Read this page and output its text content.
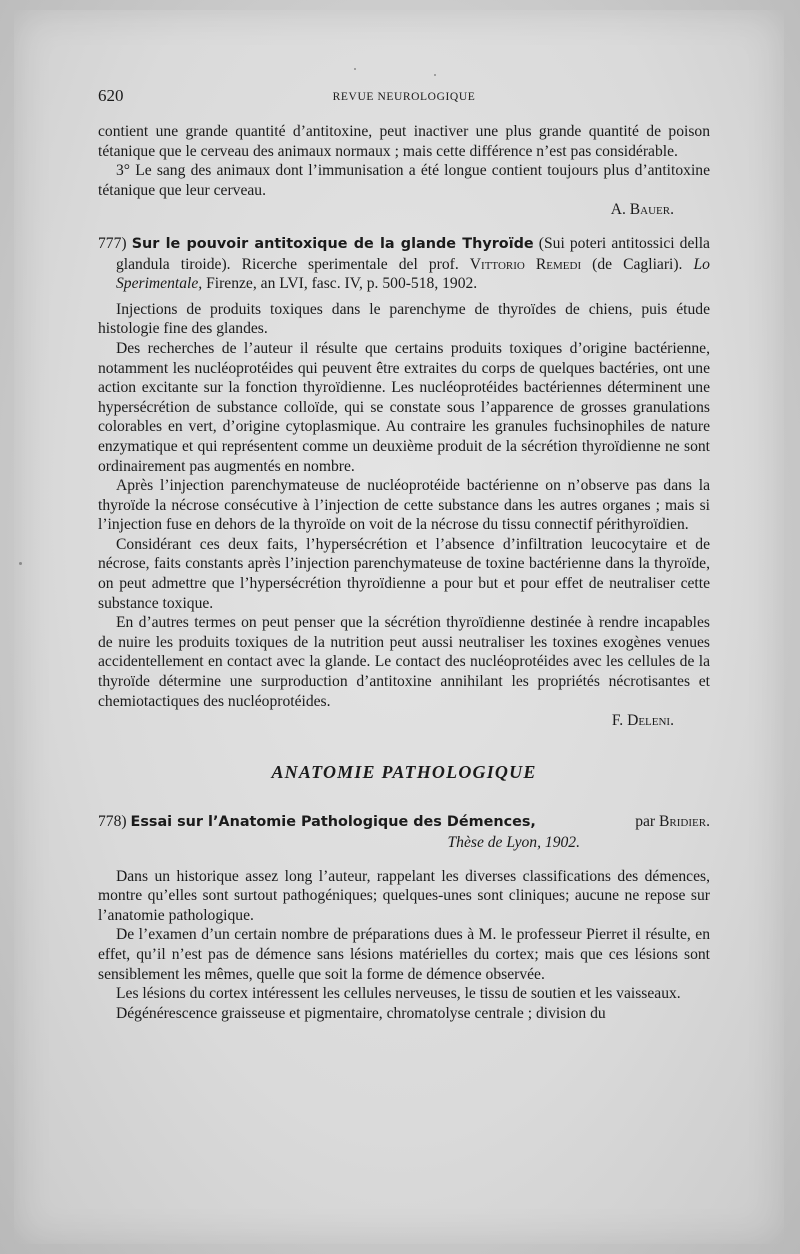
620	REVUE NEUROLOGIQUE

contient une grande quantité d’antitoxine, peut inactiver une plus grande quantité de poison tétanique que le cerveau des animaux normaux ; mais cette différence n’est pas considérable.

3° Le sang des animaux dont l’immunisation a été longue contient toujours plus d’antitoxine tétanique que leur cerveau.

A. Bauer.

777) Sur le pouvoir antitoxique de la glande Thyroïde (Sui poteri antitossici della glandula tiroide). Ricerche sperimentale del prof. Vittorio Remedi (de Cagliari). Lo Sperimentale, Firenze, an LVI, fasc. IV, p. 500-518, 1902.

Injections de produits toxiques dans le parenchyme de thyroïdes de chiens, puis étude histologie fine des glandes.

Des recherches de l’auteur il résulte que certains produits toxiques d’origine bactérienne, notamment les nucléoprotéides qui peuvent être extraites du corps de quelques bactéries, ont une action excitante sur la fonction thyroïdienne. Les nucléoprotéides bactériennes déterminent une hypersécrétion de substance colloïde, qui se constate sous l’apparence de grosses granulations colorables en vert, d’origine cytoplasmique. Au contraire les granules fuchsinophiles de nature enzymatique et qui représentent comme un deuxième produit de la sécrétion thyroïdienne ne sont ordinairement pas augmentés en nombre.

Après l’injection parenchymateuse de nucléoprotéide bactérienne on n’observe pas dans la thyroïde la nécrose consécutive à l’injection de cette substance dans les autres organes ; mais si l’injection fuse en dehors de la thyroïde on voit de la nécrose du tissu connectif périthyroïdien.

Considérant ces deux faits, l’hypersécrétion et l’absence d’infiltration leucocytaire et de nécrose, faits constants après l’injection parenchymateuse de toxine bactérienne dans la thyroïde, on peut admettre que l’hypersécrétion thyroïdienne a pour but et pour effet de neutraliser cette substance toxique.

En d’autres termes on peut penser que la sécrétion thyroïdienne destinée à rendre incapables de nuire les produits toxiques de la nutrition peut aussi neutraliser les toxines exogènes venues accidentellement en contact avec la glande. Le contact des nucléoprotéides avec les cellules de la thyroïde détermine une surproduction d’antitoxine annihilant les propriétés nécrotisantes et chemiotactiques des nucléoprotéides.

F. Deleni.
ANATOMIE PATHOLOGIQUE
778) Essai sur l’Anatomie Pathologique des Démences,	par Bridier.
Thèse de Lyon, 1902.

Dans un historique assez long l’auteur, rappelant les diverses classifications des démences, montre qu’elles sont surtout pathogéniques; quelques-unes sont cliniques; aucune ne repose sur l’anatomie pathologique.

De l’examen d’un certain nombre de préparations dues à M. le professeur Pierret il résulte, en effet, qu’il n’est pas de démence sans lésions matérielles du cortex; mais que ces lésions sont sensiblement les mêmes, quelle que soit la forme de démence observée.

Les lésions du cortex intéressent les cellules nerveuses, le tissu de soutien et les vaisseaux.

Dégénérescence graisseuse et pigmentaire, chromatolyse centrale ; division du
